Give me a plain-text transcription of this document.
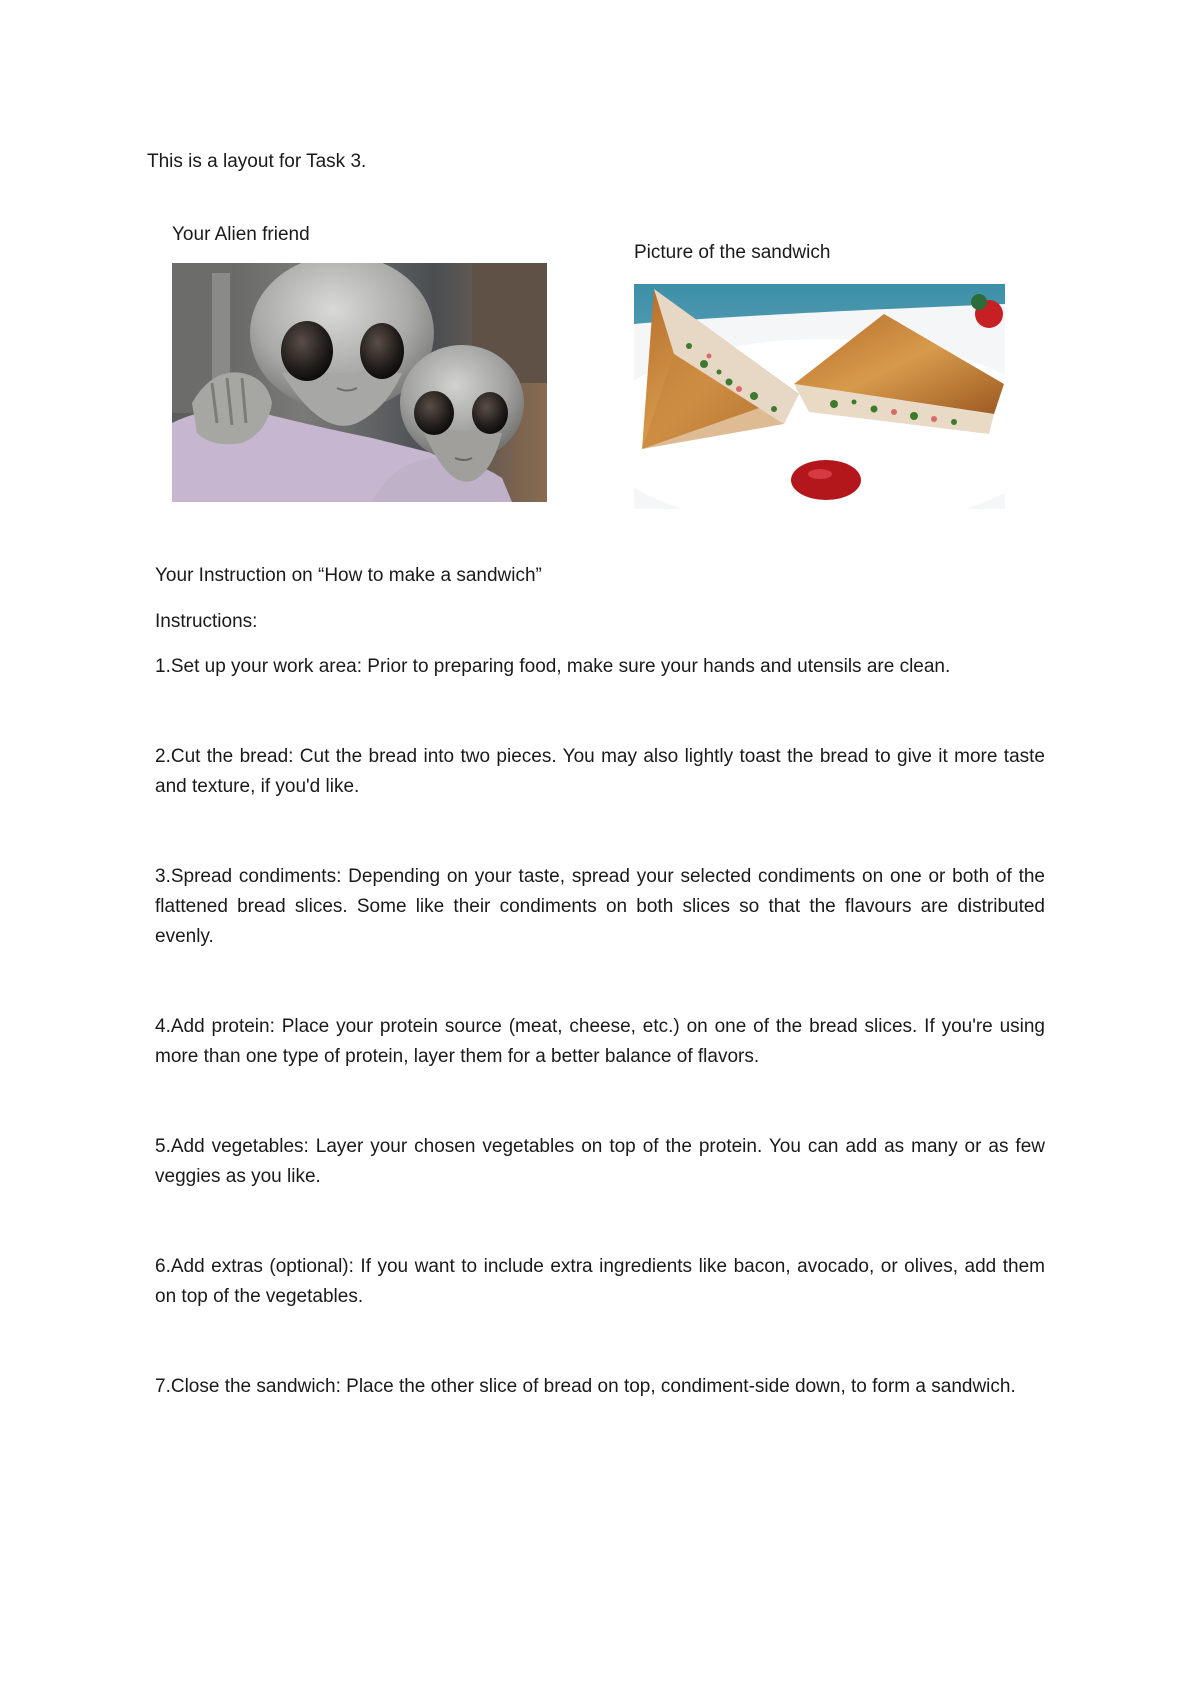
This is a layout for Task 3.

Your Alien friend

Picture of the sandwich

Your Instruction on “How to make a sandwich”

Instructions:

1.Set up your work area: Prior to preparing food, make sure your hands and utensils are clean.

2.Cut the bread: Cut the bread into two pieces. You may also lightly toast the bread to give it more taste and texture, if you'd like.

3.Spread condiments: Depending on your taste, spread your selected condiments on one or both of the flattened bread slices. Some like their condiments on both slices so that the flavours are distributed evenly.

4.Add protein: Place your protein source (meat, cheese, etc.) on one of the bread slices. If you're using more than one type of protein, layer them for a better balance of flavors.

5.Add vegetables: Layer your chosen vegetables on top of the protein. You can add as many or as few veggies as you like.

6.Add extras (optional): If you want to include extra ingredients like bacon, avocado, or olives, add them on top of the vegetables.

7.Close the sandwich: Place the other slice of bread on top, condiment-side down, to form a sandwich.
